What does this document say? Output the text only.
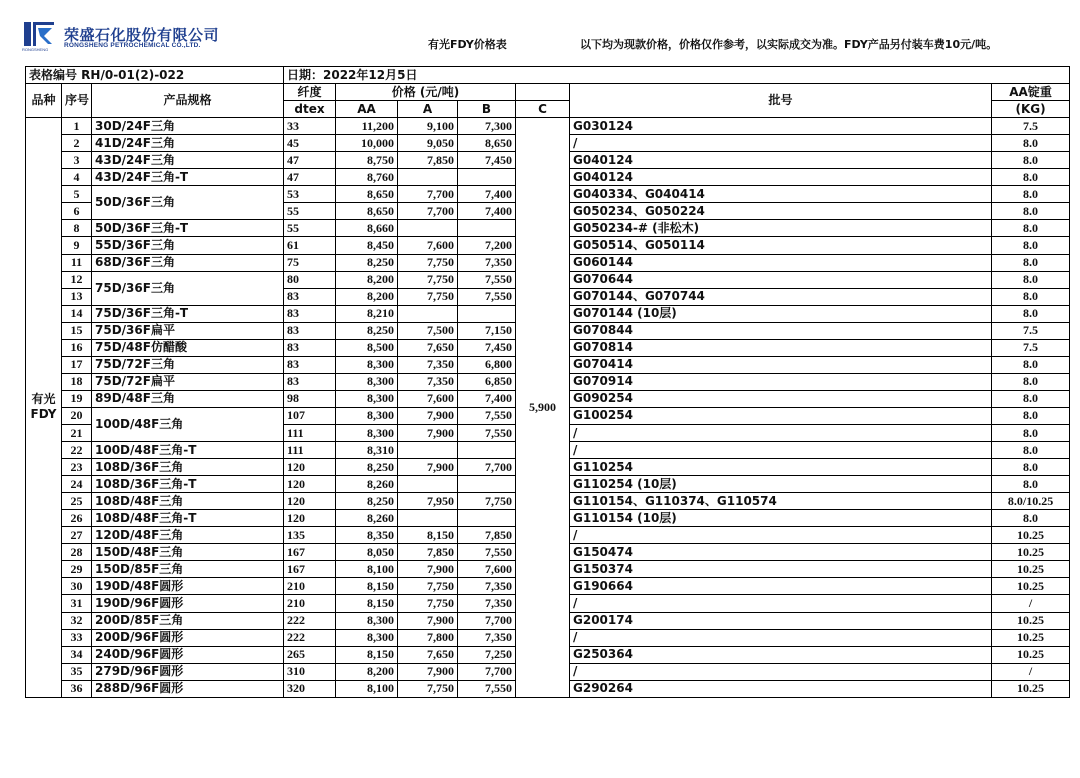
RONGSHENG
荣盛石化股份有限公司
RONGSHENG PETROCHEMICAL CO.,LTD.	有光FDY价格表	以下均为现款价格，价格仅作参考，以实际成交为准。FDY产品另付装车费10元/吨。
表格编号 RH/0-01(2)-022			日期：2022年12月5日						
品种	序号	产品规格	纤度	价格 (元/吨)				批号	AA锭重
			dtex	AA	A	B	C		(KG)
有光
FDY	1	30D/24F三角	33	11,200	9,100	7,300	5,900	G030124	7.5
	2	41D/24F三角	45	10,000	9,050	8,650		/	8.0
	3	43D/24F三角	47	8,750	7,850	7,450		G040124	8.0
	4	43D/24F三角-T	47	8,760				G040124	8.0
	5	50D/36F三角	53	8,650	7,700	7,400		G040334、G040414	8.0
	6		55	8,650	7,700	7,400		G050234、G050224	8.0
	8	50D/36F三角-T	55	8,660				G050234-# (非松木)	8.0
	9	55D/36F三角	61	8,450	7,600	7,200		G050514、G050114	8.0
	11	68D/36F三角	75	8,250	7,750	7,350		G060144	8.0
	12	75D/36F三角	80	8,200	7,750	7,550		G070644	8.0
	13		83	8,200	7,750	7,550		G070144、G070744	8.0
	14	75D/36F三角-T	83	8,210				G070144 (10层)	8.0
	15	75D/36F扁平	83	8,250	7,500	7,150		G070844	7.5
	16	75D/48F仿醋酸	83	8,500	7,650	7,450		G070814	7.5
	17	75D/72F三角	83	8,300	7,350	6,800		G070414	8.0
	18	75D/72F扁平	83	8,300	7,350	6,850		G070914	8.0
	19	89D/48F三角	98	8,300	7,600	7,400		G090254	8.0
	20	100D/48F三角	107	8,300	7,900	7,550		G100254	8.0
	21		111	8,300	7,900	7,550		/	8.0
	22	100D/48F三角-T	111	8,310				/	8.0
	23	108D/36F三角	120	8,250	7,900	7,700		G110254	8.0
	24	108D/36F三角-T	120	8,260				G110254 (10层)	8.0
	25	108D/48F三角	120	8,250	7,950	7,750		G110154、G110374、G110574	8.0/10.25
	26	108D/48F三角-T	120	8,260				G110154 (10层)	8.0
	27	120D/48F三角	135	8,350	8,150	7,850		/	10.25
	28	150D/48F三角	167	8,050	7,850	7,550		G150474	10.25
	29	150D/85F三角	167	8,100	7,900	7,600		G150374	10.25
	30	190D/48F圆形	210	8,150	7,750	7,350		G190664	10.25
	31	190D/96F圆形	210	8,150	7,750	7,350		/	/
	32	200D/85F三角	222	8,300	7,900	7,700		G200174	10.25
	33	200D/96F圆形	222	8,300	7,800	7,350		/	10.25
	34	240D/96F圆形	265	8,150	7,650	7,250		G250364	10.25
	35	279D/96F圆形	310	8,200	7,900	7,700		/	/
	36	288D/96F圆形	320	8,100	7,750	7,550		G290264	10.25
